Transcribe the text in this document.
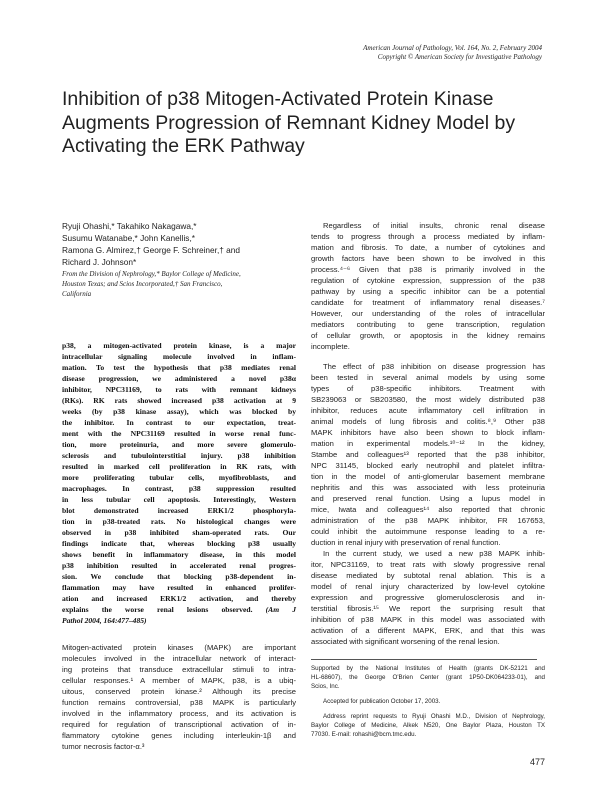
American Journal of Pathology, Vol. 164, No. 2, February 2004
Copyright © American Society for Investigative Pathology
Inhibition of p38 Mitogen-Activated Protein Kinase
Augments Progression of Remnant Kidney Model by
Activating the ERK Pathway
Ryuji Ohashi,* Takahiko Nakagawa,*
Susumu Watanabe,* John Kanellis,*
Ramona G. Almirez,† George F. Schreiner,† and
Richard J. Johnson*
From the Division of Nephrology,* Baylor College of Medicine,
Houston Texas; and Scios Incorporated,† San Francisco,
California
p38, a mitogen-activated protein kinase, is a major
intracellular signaling molecule involved in inflam-
mation. To test the hypothesis that p38 mediates renal
disease progression, we administered a novel p38α
inhibitor, NPC31169, to rats with remnant kidneys
(RKs). RK rats showed increased p38 activation at 9
weeks (by p38 kinase assay), which was blocked by
the inhibitor. In contrast to our expectation, treat-
ment with the NPC31169 resulted in worse renal func-
tion, more proteinuria, and more severe glomerulo-
sclerosis and tubulointerstitial injury. p38 inhibition
resulted in marked cell proliferation in RK rats, with
more proliferating tubular cells, myofibroblasts, and
macrophages. In contrast, p38 suppression resulted
in less tubular cell apoptosis. Interestingly, Western
blot demonstrated increased ERK1/2 phosphoryla-
tion in p38-treated rats. No histological changes were
observed in p38 inhibited sham-operated rats. Our
findings indicate that, whereas blocking p38 usually
shows benefit in inflammatory disease, in this model
p38 inhibition resulted in accelerated renal progres-
sion. We conclude that blocking p38-dependent in-
flammation may have resulted in enhanced prolifer-
ation and increased ERK1/2 activation, and thereby
explains the worse renal lesions observed. (Am J
Pathol 2004, 164:477–485)
Mitogen-activated protein kinases (MAPK) are important
molecules involved in the intracellular network of interact-
ing proteins that transduce extracellular stimuli to intra-
cellular responses.¹ A member of MAPK, p38, is a ubiq-
uitous, conserved protein kinase.² Although its precise
function remains controversial, p38 MAPK is particularly
involved in the inflammatory process, and its activation is
required for regulation of transcriptional activation of in-
flammatory cytokine genes including interleukin-1β and
tumor necrosis factor-α.³
Regardless of initial insults, chronic renal disease
tends to progress through a process mediated by inflam-
mation and fibrosis. To date, a number of cytokines and
growth factors have been shown to be involved in this
process.⁴⁻⁶ Given that p38 is primarily involved in the
regulation of cytokine expression, suppression of the p38
pathway by using a specific inhibitor can be a potential
candidate for treatment of inflammatory renal diseases.⁷
However, our understanding of the roles of intracellular
mediators contributing to gene transcription, regulation
of cellular growth, or apoptosis in the kidney remains
incomplete.
The effect of p38 inhibition on disease progression has
been tested in several animal models by using some
types of p38-specific inhibitors. Treatment with
SB239063 or SB203580, the most widely distributed p38
inhibitor, reduces acute inflammatory cell infiltration in
animal models of lung fibrosis and colitis.⁸,⁹ Other p38
MAPK inhibitors have also been shown to block inflam-
mation in experimental models.¹⁰⁻¹² In the kidney,
Stambe and colleagues¹³ reported that the p38 inhibitor,
NPC 31145, blocked early neutrophil and platelet infiltra-
tion in the model of anti-glomerular basement membrane
nephritis and this was associated with less proteinuria
and preserved renal function. Using a lupus model in
mice, Iwata and colleagues¹⁴ also reported that chronic
administration of the p38 MAPK inhibitor, FR 167653,
could inhibit the autoimmune response leading to a re-
duction in renal injury with preservation of renal function.
In the current study, we used a new p38 MAPK inhib-
itor, NPC31169, to treat rats with slowly progressive renal
disease mediated by subtotal renal ablation. This is a
model of renal injury characterized by low-level cytokine
expression and progressive glomerulosclerosis and in-
terstitial fibrosis.¹⁵ We report the surprising result that
inhibition of p38 MAPK in this model was associated with
activation of a different MAPK, ERK, and that this was
associated with significant worsening of the renal lesion.
Supported by the National Institutes of Health (grants DK-52121 and
HL-68607), the George O'Brien Center (grant 1P50-DK064233-01), and
Scios, Inc.
Accepted for publication October 17, 2003.
Address reprint requests to Ryuji Ohashi M.D., Division of Nephrology,
Baylor College of Medicine, Alkek N520, One Baylor Plaza, Houston TX
77030. E-mail: rohashi@bcm.tmc.edu.
477
